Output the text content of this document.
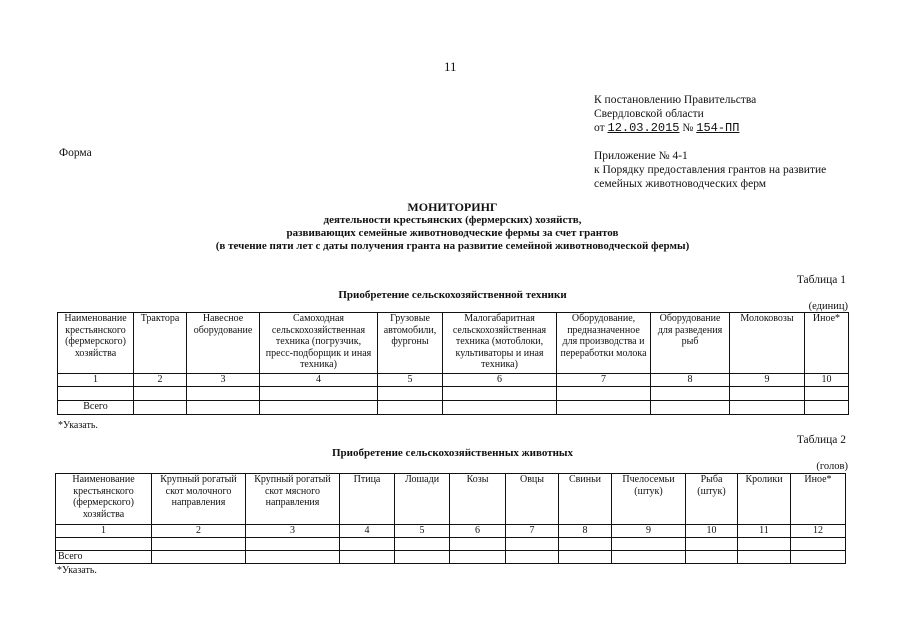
11
К постановлению Правительства
Свердловской области
от 12.03.2015 № 154-ПП
Форма	Приложение № 4-1
к Порядку предоставления грантов на развитие
семейных животноводческих ферм
МОНИТОРИНГ
деятельности крестьянских (фермерских) хозяйств,
развивающих семейные животноводческие фермы за счет грантов
(в течение пяти лет с даты получения гранта на развитие семейной животноводческой фермы)
Таблица 1
Приобретение сельскохозяйственной техники
(единиц)
Наименование крестьянского (фермерского) хозяйства	Трактора	Навесное оборудование	Самоходная сельскохозяйственная техника (погрузчик, пресс-подборщик и иная техника)	Грузовые автомобили, фургоны	Малогабаритная сельскохозяйственная техника (мотоблоки, культиваторы и иная техника)	Оборудование, предназначенное для производства и переработки молока	Оборудование для разведения рыб	Молоковозы	Иное*
1	2	3	4	5	6	7	8	9	10

Всего									
*Указать.
Таблица 2
Приобретение сельскохозяйственных животных
(голов)
Наименование крестьянского (фермерского) хозяйства	Крупный рогатый скот молочного направления	Крупный рогатый скот мясного направления	Птица	Лошади	Козы	Овцы	Свиньи	Пчелосемьи (штук)	Рыба (штук)	Кролики	Иное*
1	2	3	4	5	6	7	8	9	10	11	12

Всего											
*Указать.
